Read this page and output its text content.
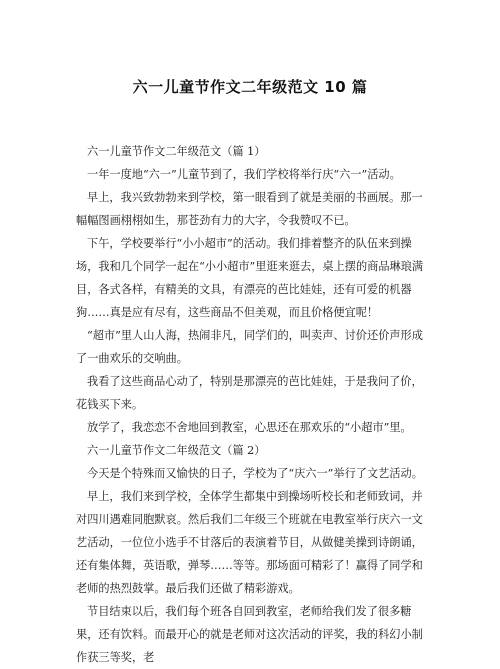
六一儿童节作文二年级范文 10 篇

六一儿童节作文二年级范文（篇 1）

一年一度地“六一”儿童节到了，我们学校将举行庆“六一”活动。

早上，我兴致勃勃来到学校，第一眼看到了就是美丽的书画展。那一幅幅图画栩栩如生，那苍劲有力的大字，令我赞叹不已。

下午，学校要举行“小小超市”的活动。我们排着整齐的队伍来到操场，我和几个同学一起在“小小超市”里逛来逛去，桌上摆的商品琳琅满目，各式各样，有精美的文具，有漂亮的芭比娃娃，还有可爱的机器狗……真是应有尽有，这些商品不但美观，而且价格便宜呢！

“超市”里人山人海，热闹非凡，同学们的，叫卖声、讨价还价声形成了一曲欢乐的交响曲。

我看了这些商品心动了，特别是那漂亮的芭比娃娃，于是我问了价，花钱买下来。

放学了，我恋恋不舍地回到教室，心思还在那欢乐的“小超市”里。

六一儿童节作文二年级范文（篇 2）

今天是个特殊而又愉快的日子，学校为了“庆六一”举行了文艺活动。

早上，我们来到学校，全体学生都集中到操场听校长和老师致词，并对四川遇难同胞默哀。然后我们二年级三个班就在电教室举行庆六一文艺活动，一位位小选手不甘落后的表演着节目，从做健美操到诗朗诵，还有集体舞，英语歌，弹琴……等等。那场面可精彩了！赢得了同学和老师的热烈鼓掌。最后我们还做了精彩游戏。

节目结束以后，我们每个班各自回到教室，老师给我们发了很多糖果，还有饮料。而最开心的就是老师对这次活动的评奖，我的科幻小制作获三等奖，老
